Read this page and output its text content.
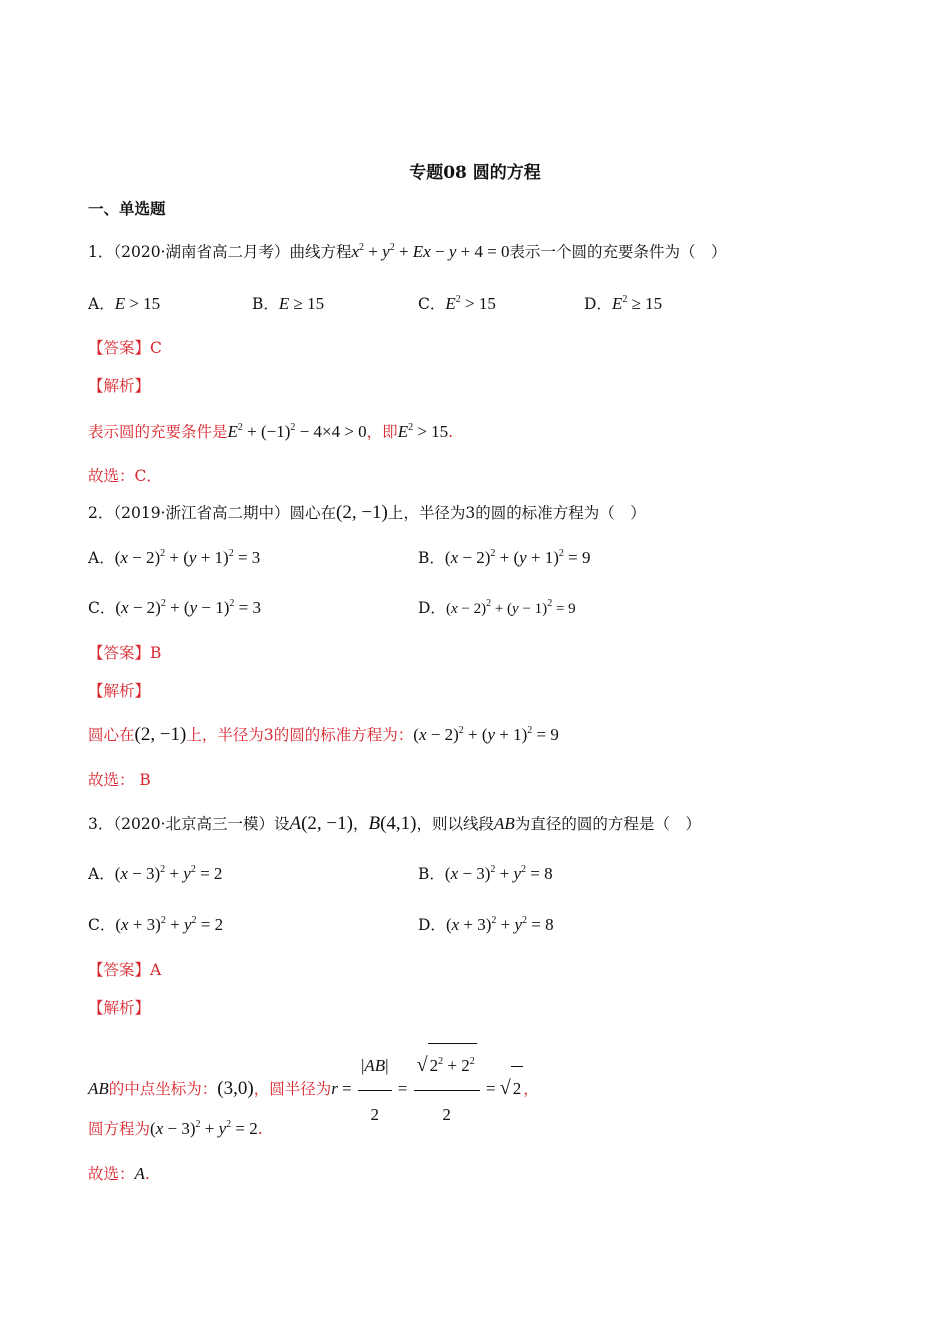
专题08 圆的方程
一、单选题
1．（2020·湖南省高二月考）曲线方程$x^2 + y^2 + Ex - y + 4 = 0$表示一个圆的充要条件为（　）
A．E > 15	B．E ≥ 15	C．$E^2 > 15$	D．$E^2 \ge 15$
【答案】C
【解析】
表示圆的充要条件是$E^2 + (-1)^2 - 4\times 4 > 0$，即$E^2 > 15$.
故选：C．
2．（2019·浙江省高二期中）圆心在(2, −1)上，半径为3的圆的标准方程为（　）
A．$(x - 2)^2 + (y + 1)^2 = 3$	B．$(x - 2)^2 + (y + 1)^2 = 9$
C．$(x - 2)^2 + (y - 1)^2 = 3$	D．$(x - 2)^2 + (y - 1)^2 = 9$
【答案】B
【解析】
圆心在(2, −1)上，半径为3的圆的标准方程为：$(x - 2)^2 + (y + 1)^2 = 9$
故选： B
3．（2020·北京高三一模）设A(2, −1)，B(4,1)，则以线段AB为直径的圆的方程是（　）
A．$(x - 3)^2 + y^2 = 2$	B．$(x - 3)^2 + y^2 = 8$
C．$(x + 3)^2 + y^2 = 2$	D．$(x + 3)^2 + y^2 = 8$
【答案】A
【解析】
AB的中点坐标为：(3,0)，圆半径为$r = \frac{|AB|}{2} = \frac{√ 2^2 + 2^2}{2}$ = √ 2 ，
圆方程为$(x - 3)^2 + y^2 = 2$.
故选：A.
